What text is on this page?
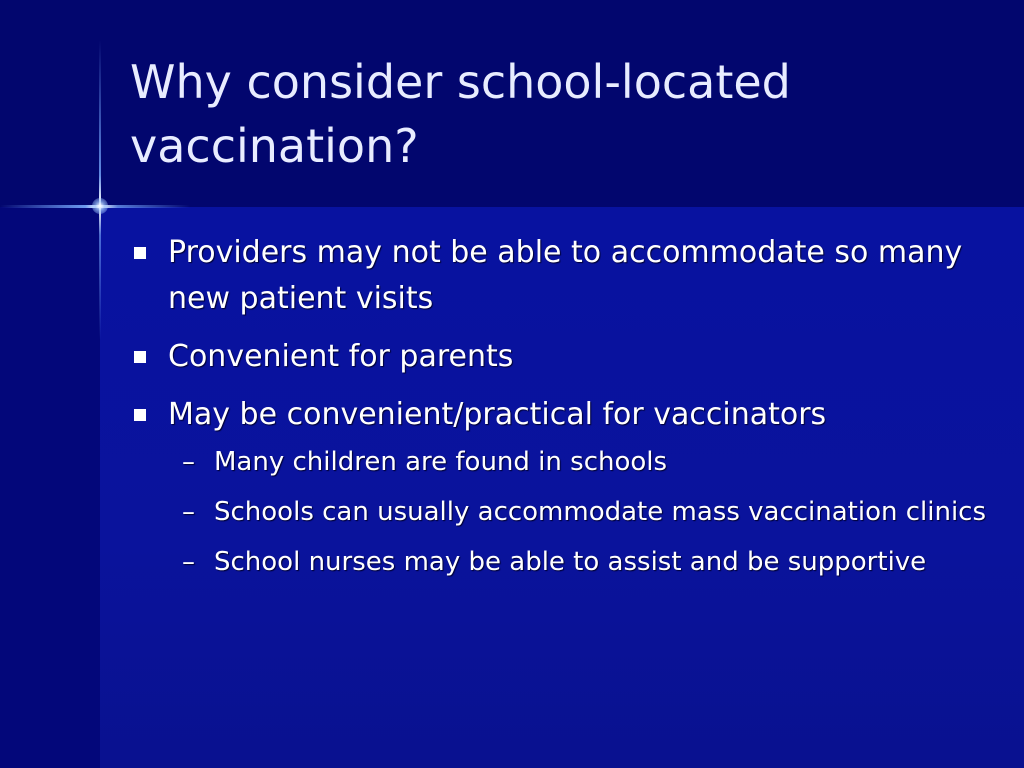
Why consider school-located vaccination?
Providers may not be able to accommodate so many new patient visits
Convenient for parents
May be convenient/practical for vaccinators
– Many children are found in schools
– Schools can usually accommodate mass vaccination clinics
– School nurses may be able to assist and be supportive
